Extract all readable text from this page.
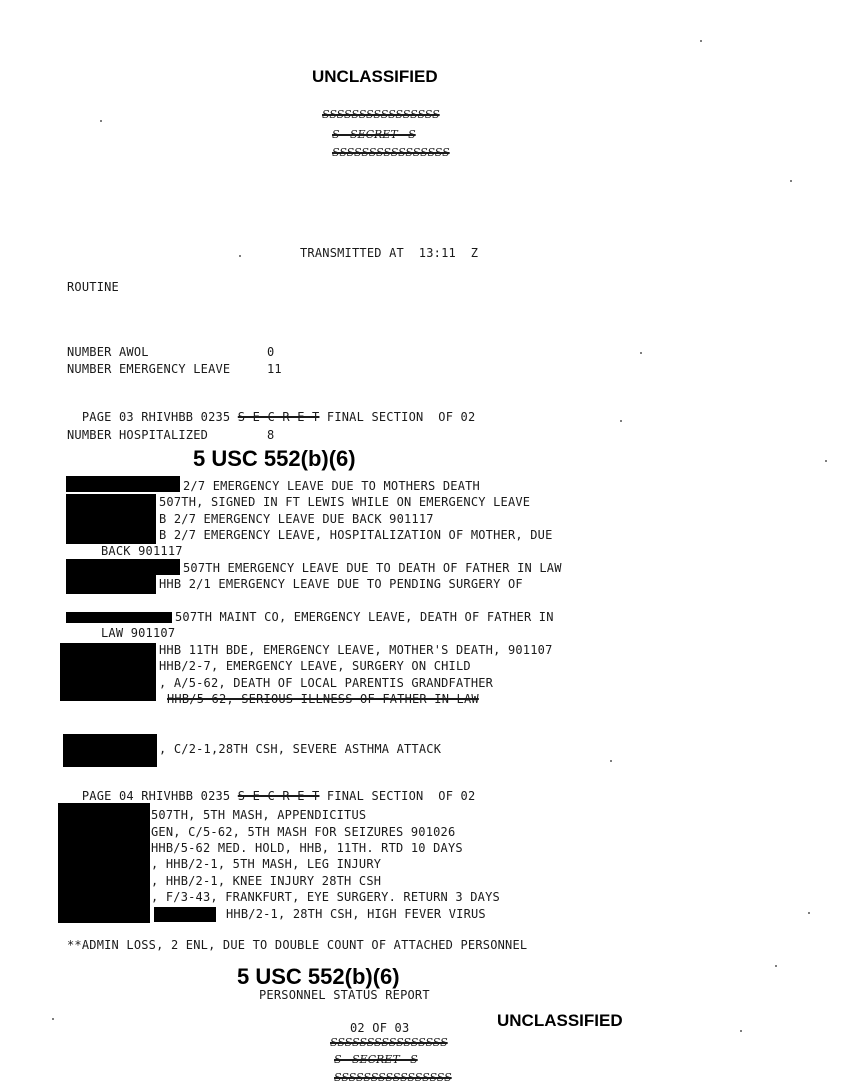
UNCLASSIFIED
SSSSSSSSSSSSSSSS
S   SECRET   S
SSSSSSSSSSSSSSSS
TRANSMITTED AT  13:11  Z
ROUTINE
NUMBER AWOL	0
NUMBER EMERGENCY LEAVE	11

PAGE 03 RHIVHBB 0235 S E C R E T FINAL SECTION  OF 02

NUMBER HOSPITALIZED	8
5 USC 552(b)(6)

2/7 EMERGENCY LEAVE DUE TO MOTHERS DEATH

507TH, SIGNED IN FT LEWIS WHILE ON EMERGENCY LEAVE

B 2/7 EMERGENCY LEAVE DUE BACK 901117

B 2/7 EMERGENCY LEAVE, HOSPITALIZATION OF MOTHER, DUE

BACK 901117

507TH EMERGENCY LEAVE DUE TO DEATH OF FATHER IN LAW

HHB 2/1 EMERGENCY LEAVE DUE TO PENDING SURGERY OF

507TH MAINT CO, EMERGENCY LEAVE, DEATH OF FATHER IN

LAW 901107

HHB 11TH BDE, EMERGENCY LEAVE, MOTHER'S DEATH, 901107

HHB/2-7, EMERGENCY LEAVE, SURGERY ON CHILD

, A/5-62, DEATH OF LOCAL PARENTIS GRANDFATHER

HHB/5-62, SERIOUS ILLNESS OF FATHER-IN-LAW

, C/2-1,28TH CSH, SEVERE ASTHMA ATTACK

PAGE 04 RHIVHBB 0235 S E C R E T FINAL SECTION  OF 02

507TH, 5TH MASH, APPENDICITUS
GEN, C/5-62, 5TH MASH FOR SEIZURES 901026
HHB/5-62 MED. HOLD, HHB, 11TH. RTD 10 DAYS
, HHB/2-1, 5TH MASH, LEG INJURY
, HHB/2-1, KNEE INJURY 28TH CSH
, F/3-43, FRANKFURT, EYE SURGERY. RETURN 3 DAYS
HHB/2-1, 28TH CSH, HIGH FEVER VIRUS
**ADMIN LOSS, 2 ENL, DUE TO DOUBLE COUNT OF ATTACHED PERSONNEL
5 USC 552(b)(6)
PERSONNEL STATUS REPORT
02 OF 03	UNCLASSIFIED
SSSSSSSSSSSSSSSS
S   SECRET   S
SSSSSSSSSSSSSSSS
